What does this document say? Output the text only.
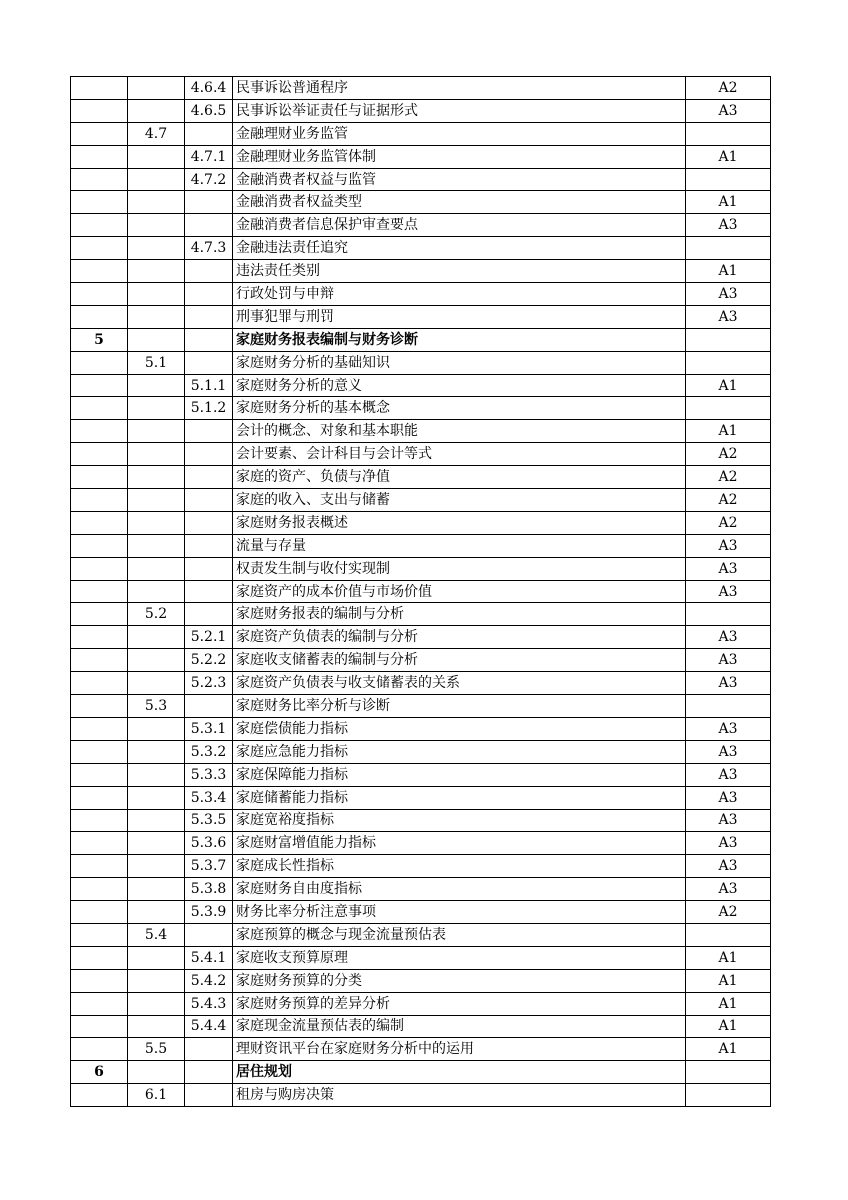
		4.6.4	民事诉讼普通程序	A2
		4.6.5	民事诉讼举证责任与证据形式	A3
	4.7		金融理财业务监管	
		4.7.1	金融理财业务监管体制	A1
		4.7.2	金融消费者权益与监管	
			金融消费者权益类型	A1
			金融消费者信息保护审查要点	A3
		4.7.3	金融违法责任追究	
			违法责任类别	A1
			行政处罚与申辩	A3
			刑事犯罪与刑罚	A3
5			家庭财务报表编制与财务诊断	
	5.1		家庭财务分析的基础知识	
		5.1.1	家庭财务分析的意义	A1
		5.1.2	家庭财务分析的基本概念	
			会计的概念、对象和基本职能	A1
			会计要素、会计科目与会计等式	A2
			家庭的资产、负债与净值	A2
			家庭的收入、支出与储蓄	A2
			家庭财务报表概述	A2
			流量与存量	A3
			权责发生制与收付实现制	A3
			家庭资产的成本价值与市场价值	A3
	5.2		家庭财务报表的编制与分析	
		5.2.1	家庭资产负债表的编制与分析	A3
		5.2.2	家庭收支储蓄表的编制与分析	A3
		5.2.3	家庭资产负债表与收支储蓄表的关系	A3
	5.3		家庭财务比率分析与诊断	
		5.3.1	家庭偿债能力指标	A3
		5.3.2	家庭应急能力指标	A3
		5.3.3	家庭保障能力指标	A3
		5.3.4	家庭储蓄能力指标	A3
		5.3.5	家庭宽裕度指标	A3
		5.3.6	家庭财富增值能力指标	A3
		5.3.7	家庭成长性指标	A3
		5.3.8	家庭财务自由度指标	A3
		5.3.9	财务比率分析注意事项	A2
	5.4		家庭预算的概念与现金流量预估表	
		5.4.1	家庭收支预算原理	A1
		5.4.2	家庭财务预算的分类	A1
		5.4.3	家庭财务预算的差异分析	A1
		5.4.4	家庭现金流量预估表的编制	A1
	5.5		理财资讯平台在家庭财务分析中的运用	A1
6			居住规划	
	6.1		租房与购房决策	
